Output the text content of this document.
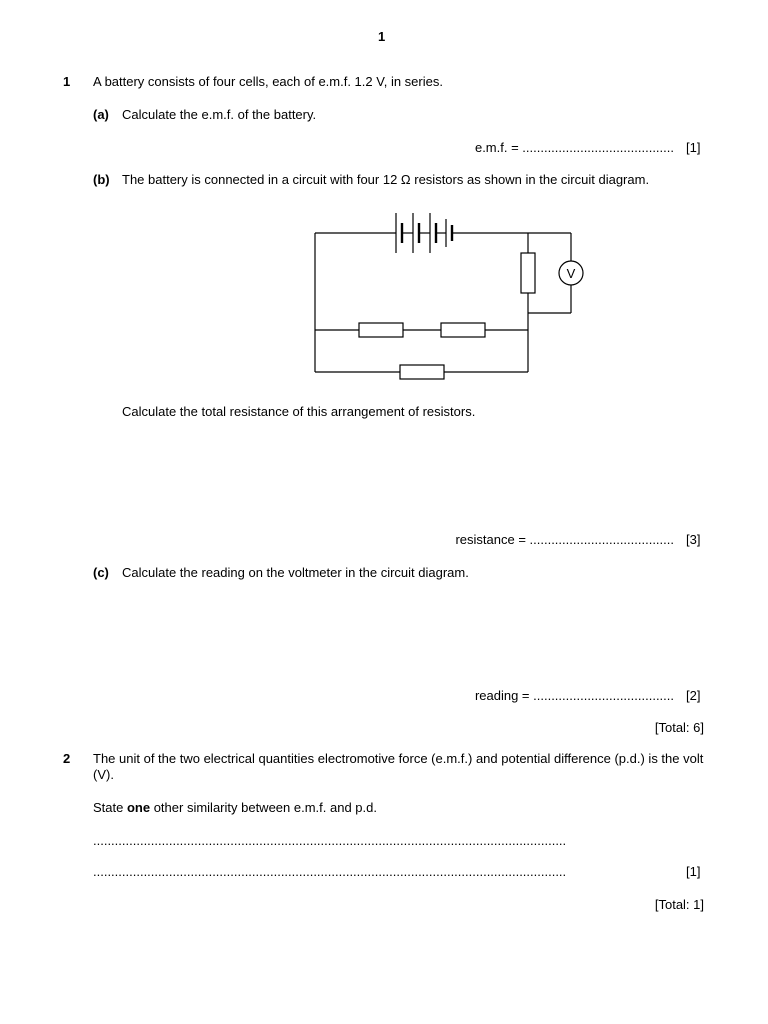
1
1 A battery consists of four cells, each of e.m.f. 1.2 V, in series.
(a) Calculate the e.m.f. of the battery.
e.m.f. = .......................................... [1]
(b) The battery is connected in a circuit with four 12 Ω resistors as shown in the circuit diagram.
V
Calculate the total resistance of this arrangement of resistors.
resistance = ........................................ [3]
(c) Calculate the reading on the voltmeter in the circuit diagram.
reading = ....................................... [2]
[Total: 6]
2 The unit of the two electrical quantities electromotive force (e.m.f.) and potential difference (p.d.) is the volt (V).
State one other similarity between e.m.f. and p.d.
...................................................................................................................................
...................................................................................................................................	[1]
[Total: 1]
